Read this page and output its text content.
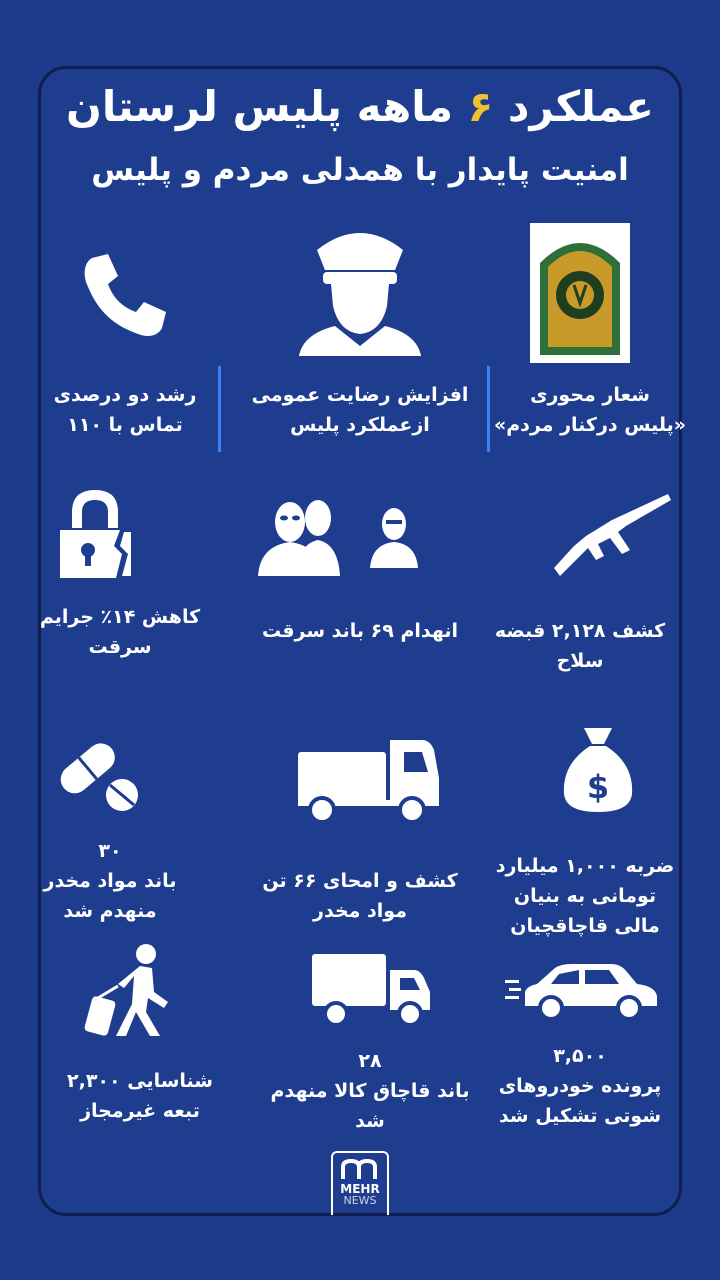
عملکرد ۶ ماهه پلیس لرستان
امنیت پایدار با همدلی مردم و پلیس
رشد دو درصدی
تماس با ۱۱۰
افزایش رضایت عمومی
ازعملکرد پلیس
شعار محوری
«پلیس درکنار مردم»
کاهش ۱۴٪ جرایم
سرقت
انهدام ۶۹ باند سرقت	کشف ۲,۱۲۸ قبضه سلاح
$
۳۰
باند مواد مخدر
منهدم شد
کشف و امحای ۶۶ تن
مواد مخدر
ضربه ۱,۰۰۰ میلیارد
تومانی به بنیان
مالی قاچاقچیان
شناسایی ۲,۳۰۰
تبعه غیرمجاز
۲۸
باند قاچاق کالا منهدم
شد
۳,۵۰۰
پرونده خودروهای
شوتی تشکیل شد
MEHR
NEWS
